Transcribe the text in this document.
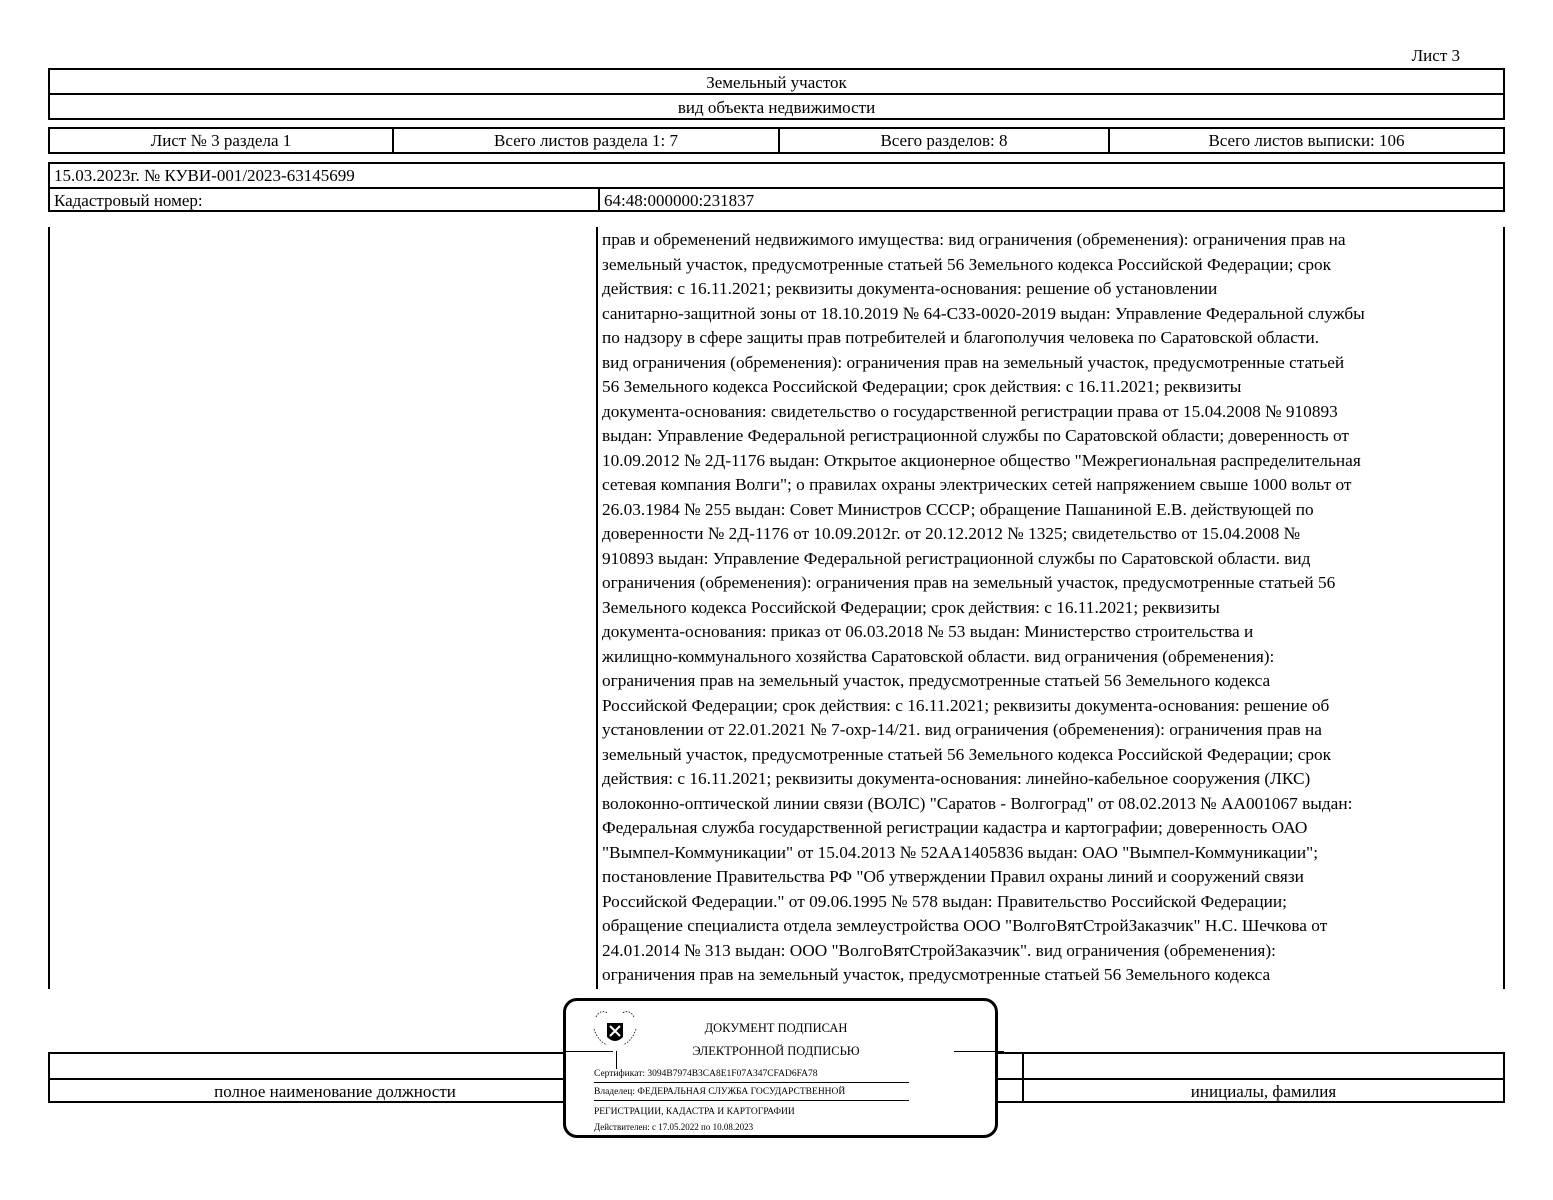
Лист 3
Земельный участок
вид объекта недвижимости
Лист № 3 раздела 1	Всего листов раздела 1: 7	Всего разделов: 8	Всего листов выписки: 106
15.03.2023г. № КУВИ-001/2023-63145699
Кадастровый номер:	64:48:000000:231837
прав и обременений недвижимого имущества: вид ограничения (обременения): ограничения прав на
земельный участок, предусмотренные статьей 56 Земельного кодекса Российской Федерации; срок
действия: с 16.11.2021; реквизиты документа-основания: решение об установлении
санитарно-защитной зоны от 18.10.2019 № 64-СЗЗ-0020-2019 выдан: Управление Федеральной службы
по надзору в сфере защиты прав потребителей и благополучия человека по Саратовской области.
вид ограничения (обременения): ограничения прав на земельный участок, предусмотренные статьей
56 Земельного кодекса Российской Федерации; срок действия: с 16.11.2021; реквизиты
документа-основания: свидетельство о государственной регистрации права от 15.04.2008 № 910893
выдан: Управление Федеральной регистрационной службы по Саратовской области; доверенность от
10.09.2012 № 2Д-1176 выдан: Открытое акционерное общество "Межрегиональная распределительная
сетевая компания Волги"; о правилах охраны электрических сетей напряжением свыше 1000 вольт от
26.03.1984 № 255 выдан: Совет Министров СССР; обращение Пашаниной Е.В. действующей по
доверенности № 2Д-1176 от 10.09.2012г. от 20.12.2012 № 1325; свидетельство от 15.04.2008 №
910893 выдан: Управление Федеральной регистрационной службы по Саратовской области. вид
ограничения (обременения): ограничения прав на земельный участок, предусмотренные статьей 56
Земельного кодекса Российской Федерации; срок действия: с 16.11.2021; реквизиты
документа-основания: приказ от 06.03.2018 № 53 выдан: Министерство строительства и
жилищно-коммунального хозяйства Саратовской области. вид ограничения (обременения):
ограничения прав на земельный участок, предусмотренные статьей 56 Земельного кодекса
Российской Федерации; срок действия: с 16.11.2021; реквизиты документа-основания: решение об
установлении от 22.01.2021 № 7-охр-14/21. вид ограничения (обременения): ограничения прав на
земельный участок, предусмотренные статьей 56 Земельного кодекса Российской Федерации; срок
действия: с 16.11.2021; реквизиты документа-основания: линейно-кабельное сооружения (ЛКС)
волоконно-оптической линии связи (ВОЛС) "Саратов - Волгоград" от 08.02.2013 № АА001067 выдан:
Федеральная служба государственной регистрации кадастра и картографии; доверенность ОАО
"Вымпел-Коммуникации" от 15.04.2013 № 52АА1405836 выдан: ОАО "Вымпел-Коммуникации";
постановление Правительства РФ "Об утверждении Правил охраны линий и сооружений связи
Российской Федерации." от 09.06.1995 № 578 выдан: Правительство Российской Федерации;
обращение специалиста отдела землеустройства ООО "ВолгоВятСтройЗаказчик" Н.С. Шечкова от
24.01.2014 № 313 выдан: ООО "ВолгоВятСтройЗаказчик". вид ограничения (обременения):
ограничения прав на земельный участок, предусмотренные статьей 56 Земельного кодекса
полное наименование должности	инициалы, фамилия
ДОКУМЕНТ ПОДПИСАН
ЭЛЕКТРОННОЙ ПОДПИСЬЮ
Сертификат: 3094B7974B3CA8E1F07A347CFAD6FA78
Владелец: ФЕДЕРАЛЬНАЯ СЛУЖБА ГОСУДАРСТВЕННОЙ
РЕГИСТРАЦИИ, КАДАСТРА И КАРТОГРАФИИ
Действителен: с 17.05.2022 по 10.08.2023
